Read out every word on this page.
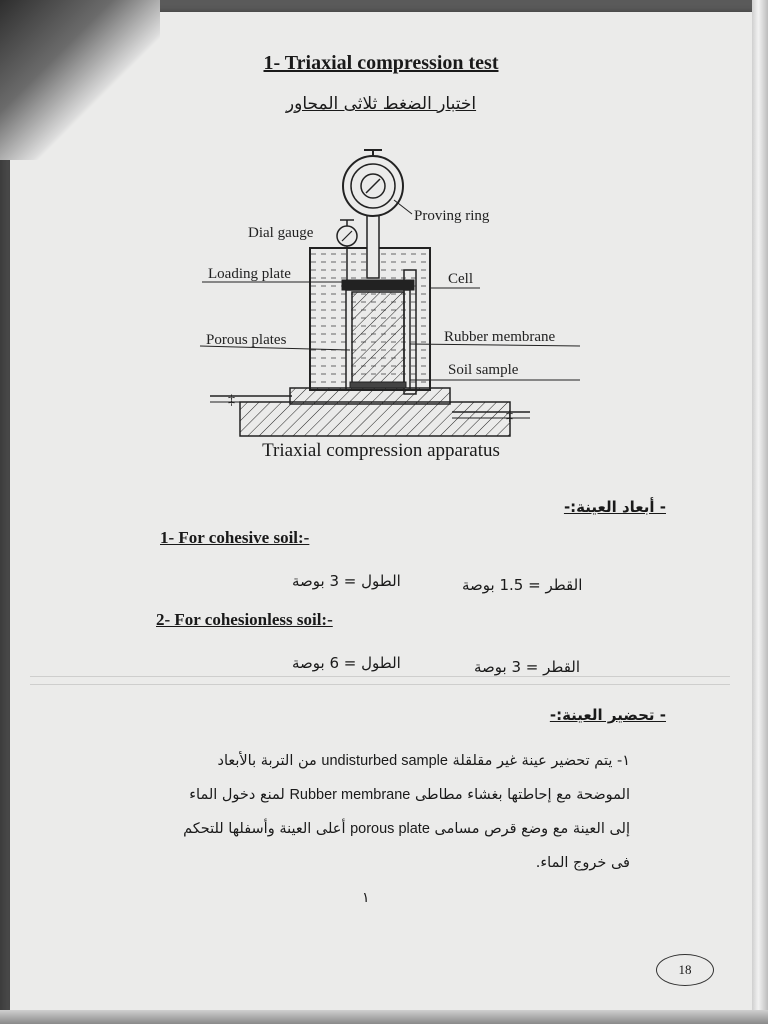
1- Triaxial compression test
اختبار الضغط ثلاثى المحاور
‡
‡
Proving ring
Dial gauge
Loading plate	Cell
Porous plates	Rubber membrane
Soil sample
Triaxial compression apparatus
- أبعاد العينة:-
1- For cohesive soil:-
الطول = 3 بوصة	القطر = 1.5 بوصة
2- For cohesionless soil:-
الطول = 6 بوصة	القطر = 3 بوصة
- تحضير العينة:-
١- يتم تحضير عينة غير مقلقلة undisturbed sample من التربة بالأبعاد
الموضحة مع إحاطتها بغشاء مطاطى Rubber membrane لمنع دخول الماء
إلى العينة مع وضع قرص مسامى porous plate أعلى العينة وأسفلها للتحكم
فى خروج الماء.
١
18
